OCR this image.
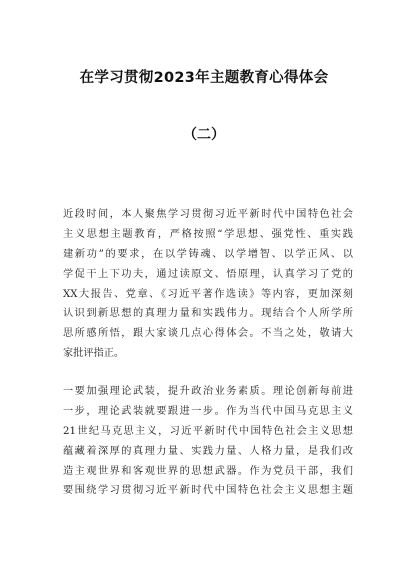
在学习贯彻2023年主题教育心得体会
（二）
近段时间，本人聚焦学习贯彻习近平新时代中国特色社会
主义思想主题教育，严格按照“学思想、强党性、重实践
建新功”的要求，在以学铸魂、以学增智、以学正风、以
学促干上下功夫，通过读原文、悟原理，认真学习了党的
XX大报告、党章、《习近平著作选读》等内容，更加深刻
认识到新思想的真理力量和实践伟力。现结合个人所学所
思所感所悟，跟大家谈几点心得体会。不当之处，敬请大
家批评指正。
一要加强理论武装，提升政治业务素质。理论创新每前进
一步，理论武装就要跟进一步。作为当代中国马克思主义
21世纪马克思主义，习近平新时代中国特色社会主义思想
蕴藏着深厚的真理力量、实践力量、人格力量，是我们改
造主观世界和客观世界的思想武器。作为党员干部，我们
要围绕学习贯彻习近平新时代中国特色社会主义思想主题
